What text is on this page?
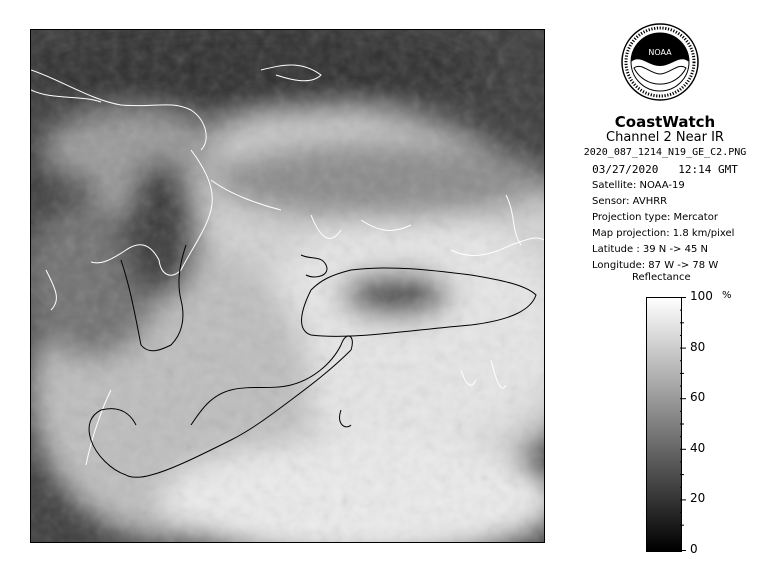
NOAA
CoastWatch
Channel 2 Near IR
2020_087_1214_N19_GE_C2.PNG
03/27/2020 12:14 GMT
Satellite: NOAA-19
Sensor: AVHRR
Projection type: Mercator
Map projection: 1.8 km/pixel
Latitude : 39 N -> 45 N
Longitude: 87 W -> 78 W
Reflectance
%
100
80
60
40
20
0
